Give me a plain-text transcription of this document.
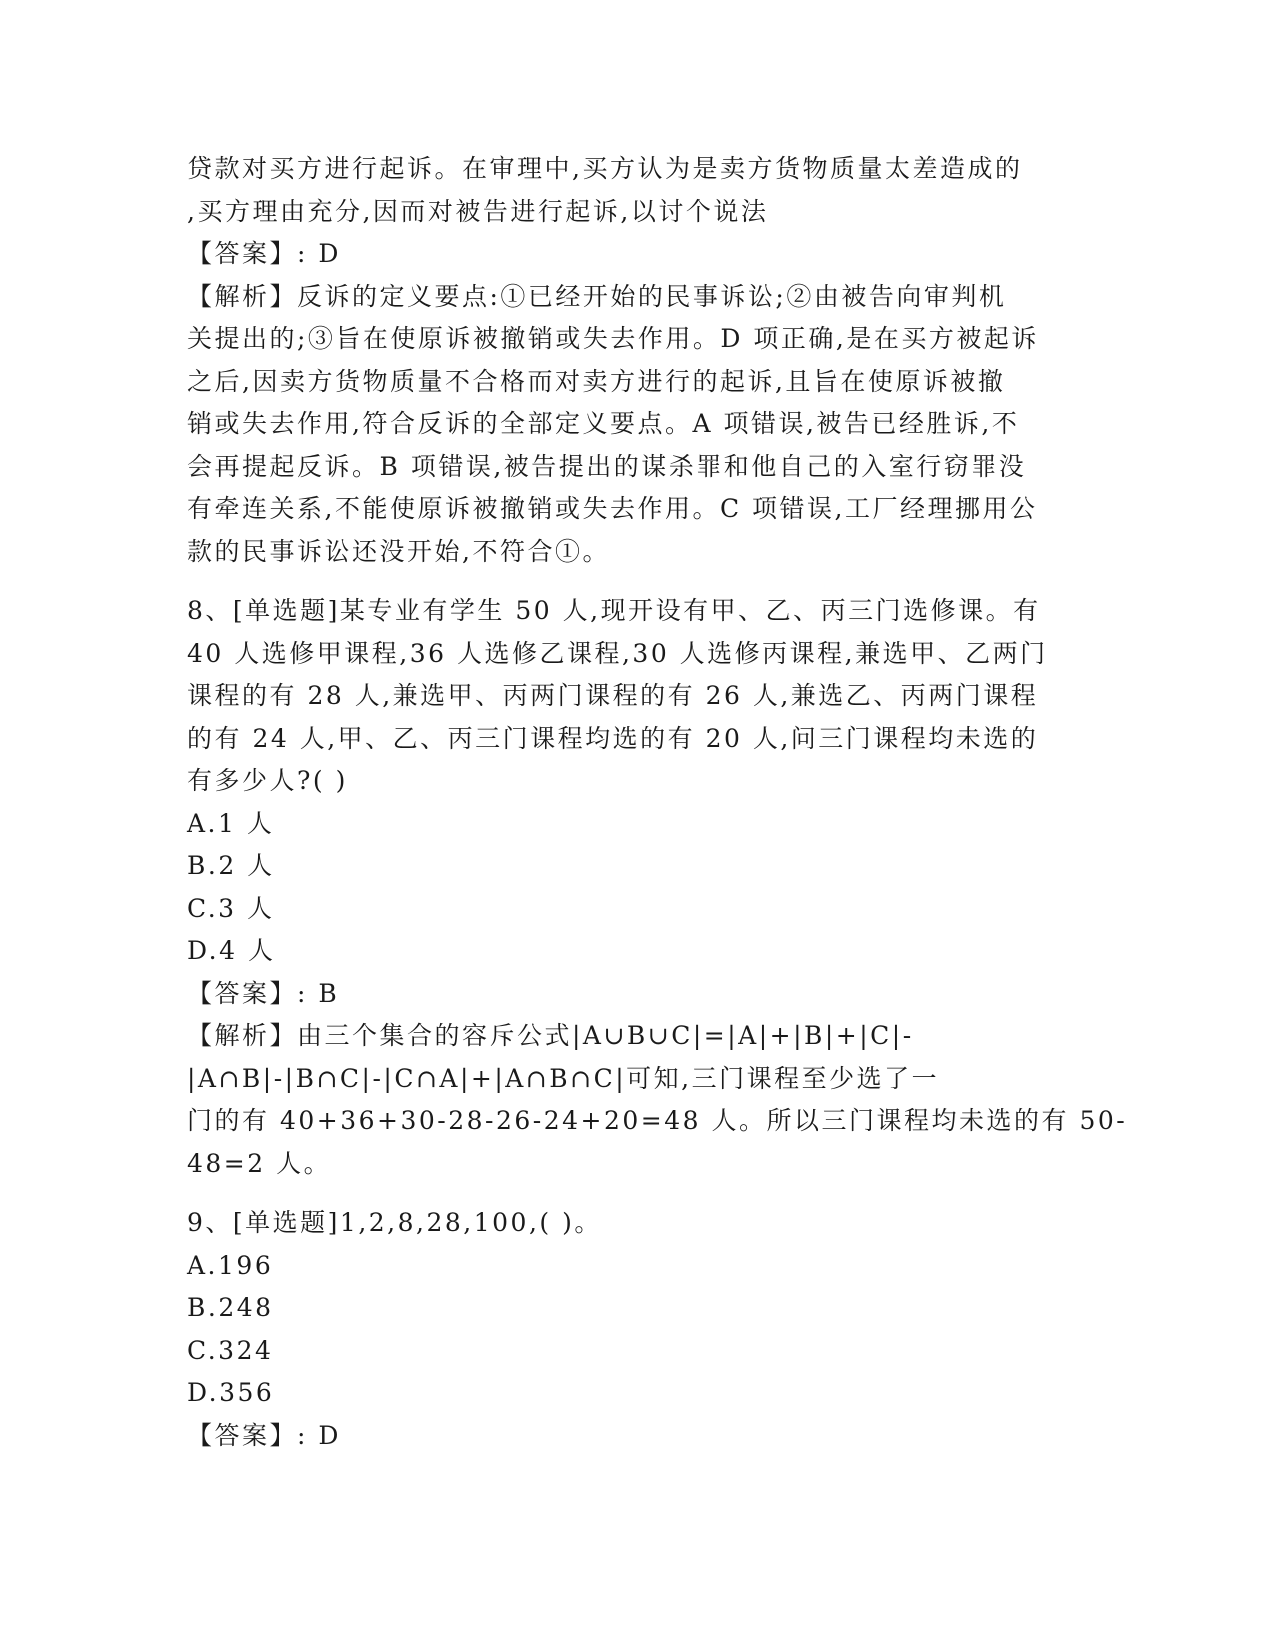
贷款对买方进行起诉。在审理中,买方认为是卖方货物质量太差造成的
,买方理由充分,因而对被告进行起诉,以讨个说法
【答案】: D
【解析】反诉的定义要点:①已经开始的民事诉讼;②由被告向审判机
关提出的;③旨在使原诉被撤销或失去作用。D 项正确,是在买方被起诉
之后,因卖方货物质量不合格而对卖方进行的起诉,且旨在使原诉被撤
销或失去作用,符合反诉的全部定义要点。A 项错误,被告已经胜诉,不
会再提起反诉。B 项错误,被告提出的谋杀罪和他自己的入室行窃罪没
有牵连关系,不能使原诉被撤销或失去作用。C 项错误,工厂经理挪用公
款的民事诉讼还没开始,不符合①。
8、[单选题]某专业有学生 50 人,现开设有甲、乙、丙三门选修课。有
40 人选修甲课程,36 人选修乙课程,30 人选修丙课程,兼选甲、乙两门
课程的有 28 人,兼选甲、丙两门课程的有 26 人,兼选乙、丙两门课程
的有 24 人,甲、乙、丙三门课程均选的有 20 人,问三门课程均未选的
有多少人?( )
A.1 人
B.2 人
C.3 人
D.4 人
【答案】: B
【解析】由三个集合的容斥公式|A∪B∪C|=|A|+|B|+|C|-
|A∩B|-|B∩C|-|C∩A|+|A∩B∩C|可知,三门课程至少选了一
门的有 40+36+30-28-26-24+20=48 人。所以三门课程均未选的有 50-
48=2 人。
9、[单选题]1,2,8,28,100,( )。
A.196
B.248
C.324
D.356
【答案】: D
